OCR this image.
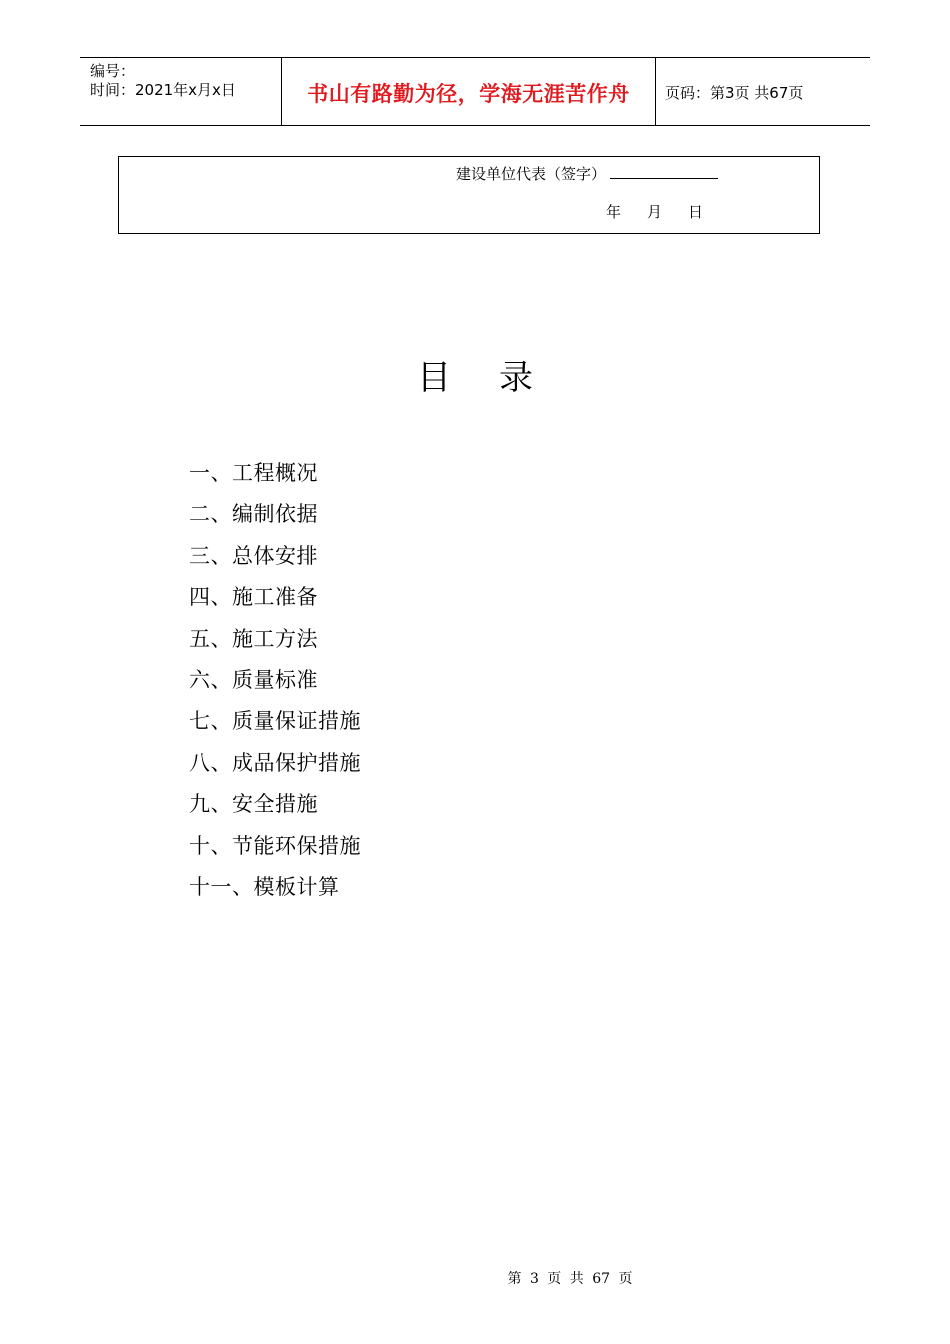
编号：
时间：2021年x月x日	书山有路勤为径，学海无涯苦作舟	页码：第3页 共67页
建设单位代表（签字）
年 月 日
目录
一、工程概况
二、编制依据
三、总体安排
四、施工准备
五、施工方法
六、质量标准
七、质量保证措施
八、成品保护措施
九、安全措施
十、节能环保措施
十一、模板计算
第 3 页 共 67 页
